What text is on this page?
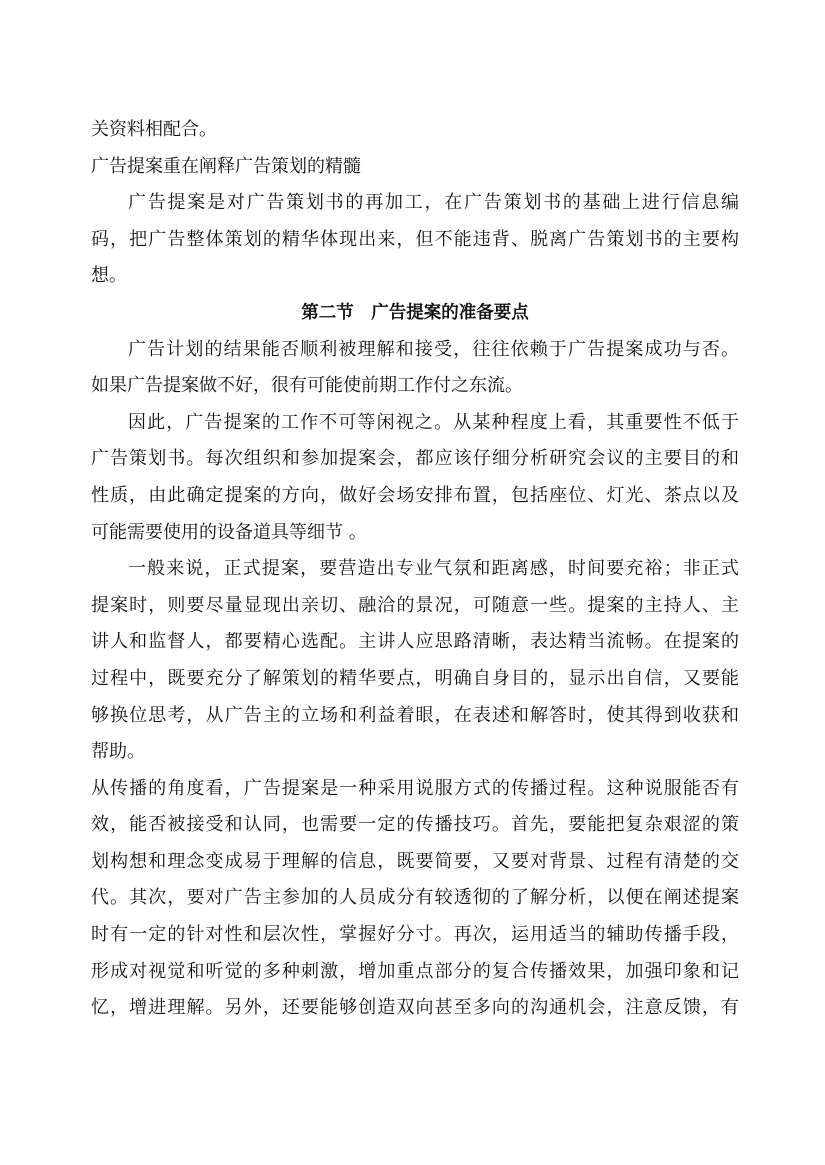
关资料相配合。
广告提案重在阐释广告策划的精髓
广告提案是对广告策划书的再加工，在广告策划书的基础上进行信息编
码，把广告整体策划的精华体现出来，但不能违背、脱离广告策划书的主要构
想。
第二节　广告提案的准备要点
广告计划的结果能否顺利被理解和接受，往往依赖于广告提案成功与否。
如果广告提案做不好，很有可能使前期工作付之东流。
因此，广告提案的工作不可等闲视之。从某种程度上看，其重要性不低于
广告策划书。每次组织和参加提案会，都应该仔细分析研究会议的主要目的和
性质，由此确定提案的方向，做好会场安排布置，包括座位、灯光、茶点以及
可能需要使用的设备道具等细节 。
一般来说，正式提案，要营造出专业气氛和距离感，时间要充裕；非正式
提案时，则要尽量显现出亲切、融洽的景况，可随意一些。提案的主持人、主
讲人和监督人，都要精心选配。主讲人应思路清晰，表达精当流畅。在提案的
过程中，既要充分了解策划的精华要点，明确自身目的，显示出自信，又要能
够换位思考，从广告主的立场和利益着眼，在表述和解答时，使其得到收获和
帮助。
从传播的角度看，广告提案是一种采用说服方式的传播过程。这种说服能否有
效，能否被接受和认同，也需要一定的传播技巧。首先，要能把复杂艰涩的策
划构想和理念变成易于理解的信息，既要简要，又要对背景、过程有清楚的交
代。其次，要对广告主参加的人员成分有较透彻的了解分析，以便在阐述提案
时有一定的针对性和层次性，掌握好分寸。再次，运用适当的辅助传播手段，
形成对视觉和听觉的多种刺激，增加重点部分的复合传播效果，加强印象和记
忆，增进理解。另外，还要能够创造双向甚至多向的沟通机会，注意反馈，有
